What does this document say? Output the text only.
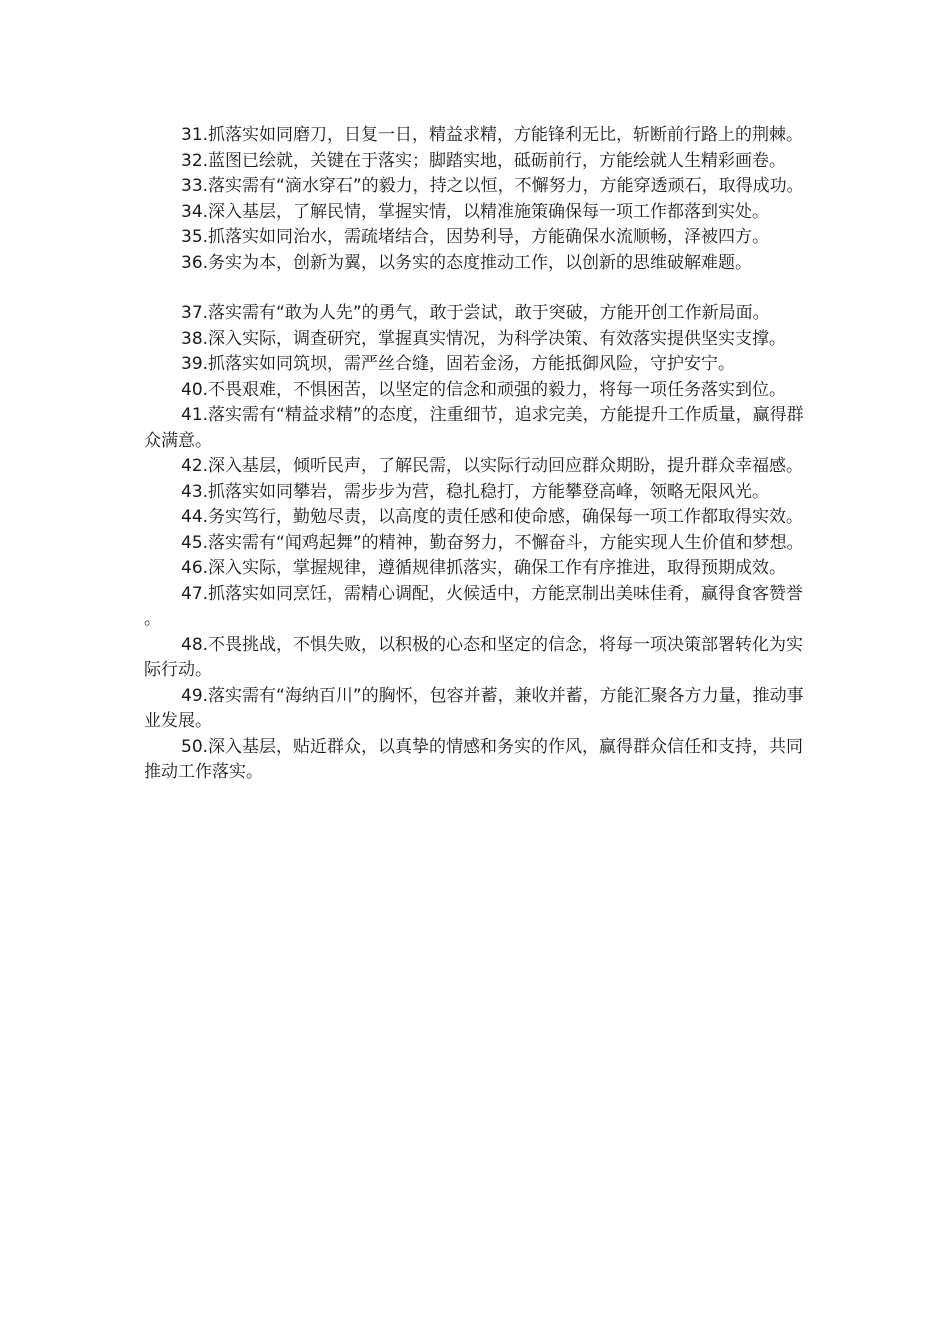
31.抓落实如同磨刀，日复一日，精益求精，方能锋利无比，斩断前行路上的荆棘。

32.蓝图已绘就，关键在于落实；脚踏实地，砥砺前行，方能绘就人生精彩画卷。

33.落实需有“滴水穿石”的毅力，持之以恒，不懈努力，方能穿透顽石，取得成功。

34.深入基层，了解民情，掌握实情，以精准施策确保每一项工作都落到实处。

35.抓落实如同治水，需疏堵结合，因势利导，方能确保水流顺畅，泽被四方。

36.务实为本，创新为翼，以务实的态度推动工作，以创新的思维破解难题。

37.落实需有“敢为人先”的勇气，敢于尝试，敢于突破，方能开创工作新局面。

38.深入实际，调查研究，掌握真实情况，为科学决策、有效落实提供坚实支撑。

39.抓落实如同筑坝，需严丝合缝，固若金汤，方能抵御风险，守护安宁。

40.不畏艰难，不惧困苦，以坚定的信念和顽强的毅力，将每一项任务落实到位。

41.落实需有“精益求精”的态度，注重细节，追求完美，方能提升工作质量，赢得群众满意。

42.深入基层，倾听民声，了解民需，以实际行动回应群众期盼，提升群众幸福感。

43.抓落实如同攀岩，需步步为营，稳扎稳打，方能攀登高峰，领略无限风光。

44.务实笃行，勤勉尽责，以高度的责任感和使命感，确保每一项工作都取得实效。

45.落实需有“闻鸡起舞”的精神，勤奋努力，不懈奋斗，方能实现人生价值和梦想。

46.深入实际，掌握规律，遵循规律抓落实，确保工作有序推进，取得预期成效。

47.抓落实如同烹饪，需精心调配，火候适中，方能烹制出美味佳肴，赢得食客赞誉。

48.不畏挑战，不惧失败，以积极的心态和坚定的信念，将每一项决策部署转化为实际行动。

49.落实需有“海纳百川”的胸怀，包容并蓄，兼收并蓄，方能汇聚各方力量，推动事业发展。

50.深入基层，贴近群众，以真挚的情感和务实的作风，赢得群众信任和支持，共同推动工作落实。
